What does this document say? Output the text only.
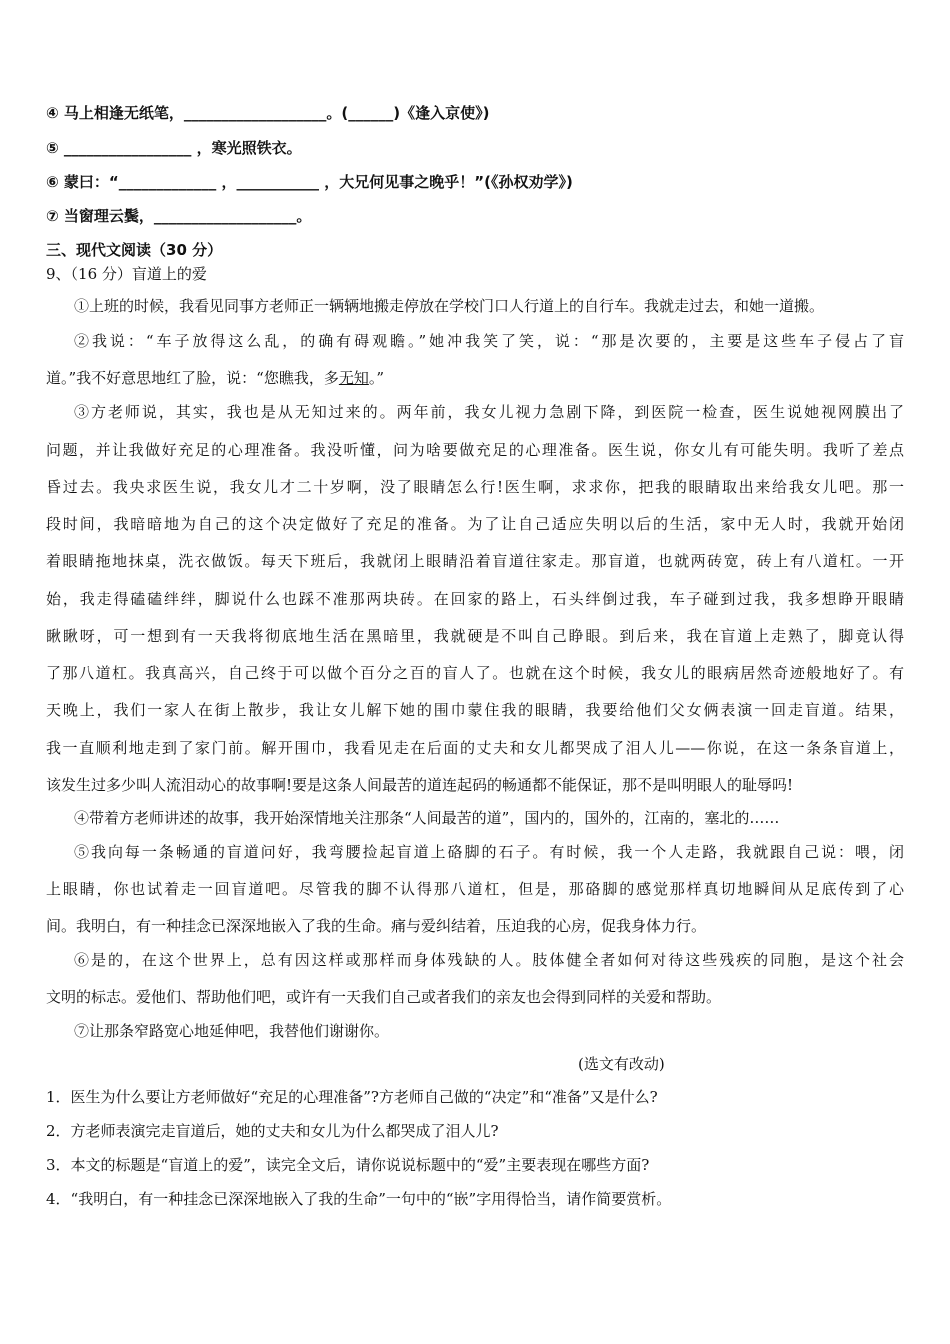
④ 马上相逢无纸笔，___________________。(______)《逢入京使》)
⑤ _________________ ，寒光照铁衣。
⑥ 蒙曰：“_____________ ，___________ ，大兄何见事之晚乎！”(《孙权劝学》)
⑦ 当窗理云鬓，___________________。
三、现代文阅读（30 分）
9、（16 分）盲道上的爱
①上班的时候，我看见同事方老师正一辆辆地搬走停放在学校门口人行道上的自行车。我就走过去，和她一道搬。
②我说：“车子放得这么乱，的确有碍观瞻。”她冲我笑了笑，说：“那是次要的，主要是这些车子侵占了盲
道。”我不好意思地红了脸，说：“您瞧我，多无知。”
③方老师说，其实，我也是从无知过来的。两年前，我女儿视力急剧下降，到医院一检查，医生说她视网膜出了
问题，并让我做好充足的心理准备。我没听懂，问为啥要做充足的心理准备。医生说，你女儿有可能失明。我听了差点
昏过去。我央求医生说，我女儿才二十岁啊，没了眼睛怎么行!医生啊，求求你，把我的眼睛取出来给我女儿吧。那一
段时间，我暗暗地为自己的这个决定做好了充足的准备。为了让自己适应失明以后的生活，家中无人时，我就开始闭
着眼睛拖地抹桌，洗衣做饭。每天下班后，我就闭上眼睛沿着盲道往家走。那盲道，也就两砖宽，砖上有八道杠。一开
始，我走得磕磕绊绊，脚说什么也踩不准那两块砖。在回家的路上，石头绊倒过我，车子碰到过我，我多想睁开眼睛
瞅瞅呀，可一想到有一天我将彻底地生活在黑暗里，我就硬是不叫自己睁眼。到后来，我在盲道上走熟了，脚竟认得
了那八道杠。我真高兴，自己终于可以做个百分之百的盲人了。也就在这个时候，我女儿的眼病居然奇迹般地好了。有
天晚上，我们一家人在街上散步，我让女儿解下她的围巾蒙住我的眼睛，我要给他们父女俩表演一回走盲道。结果，
我一直顺利地走到了家门前。解开围巾，我看见走在后面的丈夫和女儿都哭成了泪人儿——你说，在这一条条盲道上，
该发生过多少叫人流泪动心的故事啊!要是这条人间最苦的道连起码的畅通都不能保证，那不是叫明眼人的耻辱吗!
④带着方老师讲述的故事，我开始深情地关注那条“人间最苦的道”，国内的，国外的，江南的，塞北的……
⑤我向每一条畅通的盲道问好，我弯腰捡起盲道上硌脚的石子。有时候，我一个人走路，我就跟自己说：喂，闭
上眼睛，你也试着走一回盲道吧。尽管我的脚不认得那八道杠，但是，那硌脚的感觉那样真切地瞬间从足底传到了心
间。我明白，有一种挂念已深深地嵌入了我的生命。痛与爱纠结着，压迫我的心房，促我身体力行。
⑥是的，在这个世界上，总有因这样或那样而身体残缺的人。肢体健全者如何对待这些残疾的同胞，是这个社会
文明的标志。爱他们、帮助他们吧，或许有一天我们自己或者我们的亲友也会得到同样的关爱和帮助。
⑦让那条窄路宽心地延伸吧，我替他们谢谢你。
(选文有改动)
1．医生为什么要让方老师做好“充足的心理准备”?方老师自己做的“决定”和“准备”又是什么?
2．方老师表演完走盲道后，她的丈夫和女儿为什么都哭成了泪人儿?
3．本文的标题是“盲道上的爱”，读完全文后，请你说说标题中的“爱”主要表现在哪些方面?
4．“我明白，有一种挂念已深深地嵌入了我的生命”一句中的“嵌”字用得恰当，请作简要赏析。
